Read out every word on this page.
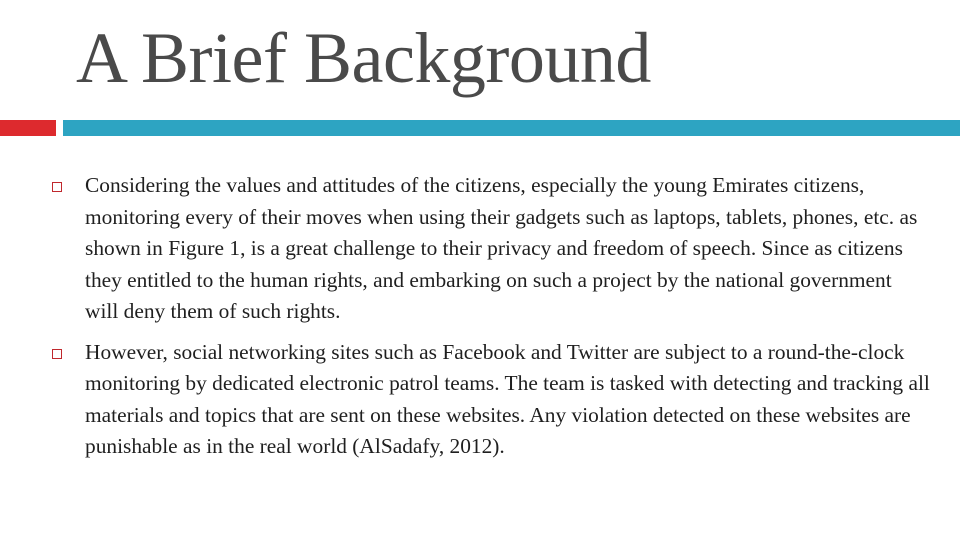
A Brief Background
Considering the values and attitudes of the citizens, especially the young Emirates citizens, monitoring every of their moves when using their gadgets such as laptops, tablets, phones, etc. as shown in Figure 1, is a great challenge to their privacy and freedom of speech. Since as citizens they entitled to the human rights, and embarking on such a project by the national government will deny them of such rights.
However, social networking sites such as Facebook and Twitter are subject to a round-the-clock monitoring by dedicated electronic patrol teams. The team is tasked with detecting and tracking all materials and topics that are sent on these websites. Any violation detected on these websites are punishable as in the real world (AlSadafy, 2012).
